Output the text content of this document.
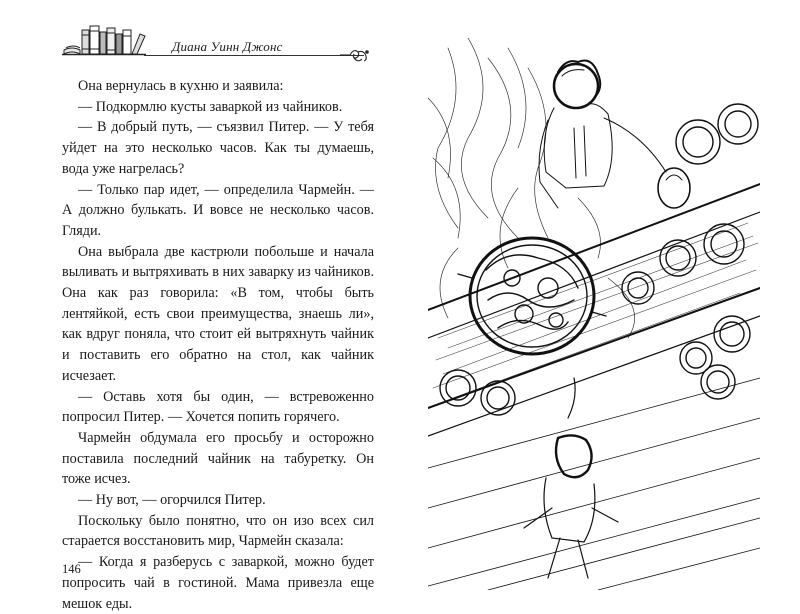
Диана Уинн Джонс

Она вернулась в кухню и заявила:

— Подкормлю кусты заваркой из чайников.

— В добрый путь, — съязвил Питер. — У тебя уйдет на это несколько часов. Как ты думаешь, вода уже нагрелась?

— Только пар идет, — определила Чармейн. — А должно булькать. И вовсе не несколько часов. Гляди.

Она выбрала две кастрюли побольше и начала выливать и вытряхивать в них заварку из чайников. Она как раз говорила: «В том, чтобы быть лентяйкой, есть свои преимущества, знаешь ли», как вдруг поняла, что стоит ей вытряхнуть чайник и поставить его обратно на стол, как чайник исчезает.

— Оставь хотя бы один, — встревоженно попросил Питер. — Хочется попить горячего.

Чармейн обдумала его просьбу и осторожно поставила последний чайник на табуретку. Он тоже исчез.

— Ну вот, — огорчился Питер.

Поскольку было понятно, что он изо всех сил старается восстановить мир, Чармейн сказала:

— Когда я разберусь с заваркой, можно будет попросить чай в гостиной. Мама привезла еще мешок еды.

146
